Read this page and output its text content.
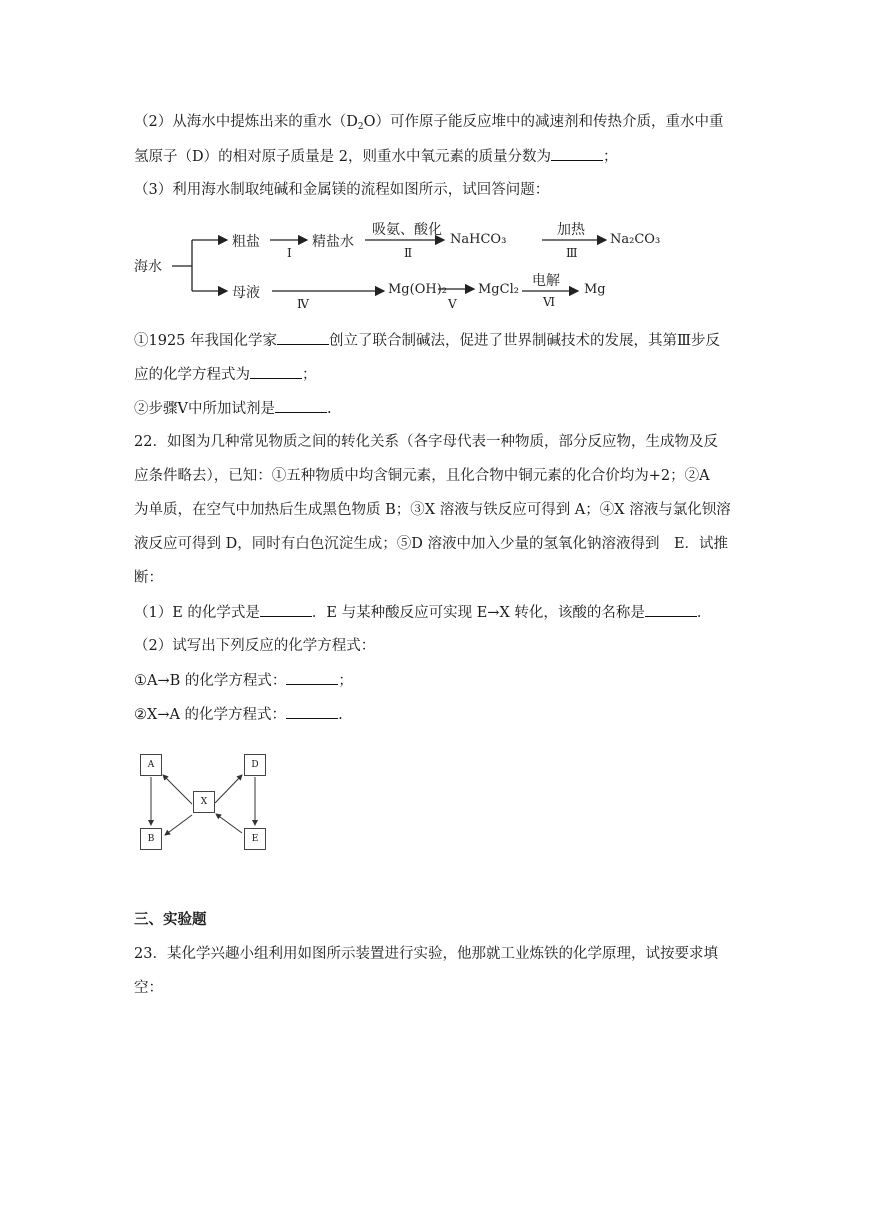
（2）从海水中提炼出来的重水$(D_2O)$可作原子能反应堆中的减速剂和传热介质，重水中重
氢原子（D）的相对原子质量是 2，则重水中氧元素的质量分数为	；
（3）利用海水制取纯碱和金属镁的流程如图所示，试回答问题：
海水
粗盐	精盐水
吸氨、酸化
NaHCO₃
加热
Na₂CO₃
Ⅰ	Ⅱ	Ⅲ
母液
Ⅳ
Mg(OH)₂
Ⅴ
MgCl₂
电解
Ⅵ
Mg
①1925 年我国化学家	创立了联合制碱法，促进了世界制碱技术的发展，其第Ⅲ步反
应的化学方程式为	；
②步骤Ⅴ中所加试剂是	.
22．如图为几种常见物质之间的转化关系（各字母代表一种物质，部分反应物，生成物及反
应条件略去），已知：①五种物质中均含铜元素，且化合物中铜元素的化合价均为+2；②A
为单质，在空气中加热后生成黑色物质 B；③X 溶液与铁反应可得到 A；④X 溶液与氯化钡溶
液反应可得到 D，同时有白色沉淀生成；⑤D 溶液中加入少量的氢氧化钠溶液得到　E．试推
断：
（1）E 的化学式是	．E 与某种酸反应可实现 E→X 转化，该酸的名称是	．
（2）试写出下列反应的化学方程式：
①A→B 的化学方程式：	；
②X→A 的化学方程式：	.
A
B
X
D
E
三、实验题
23．某化学兴趣小组利用如图所示装置进行实验，他那就工业炼铁的化学原理，试按要求填
空：
